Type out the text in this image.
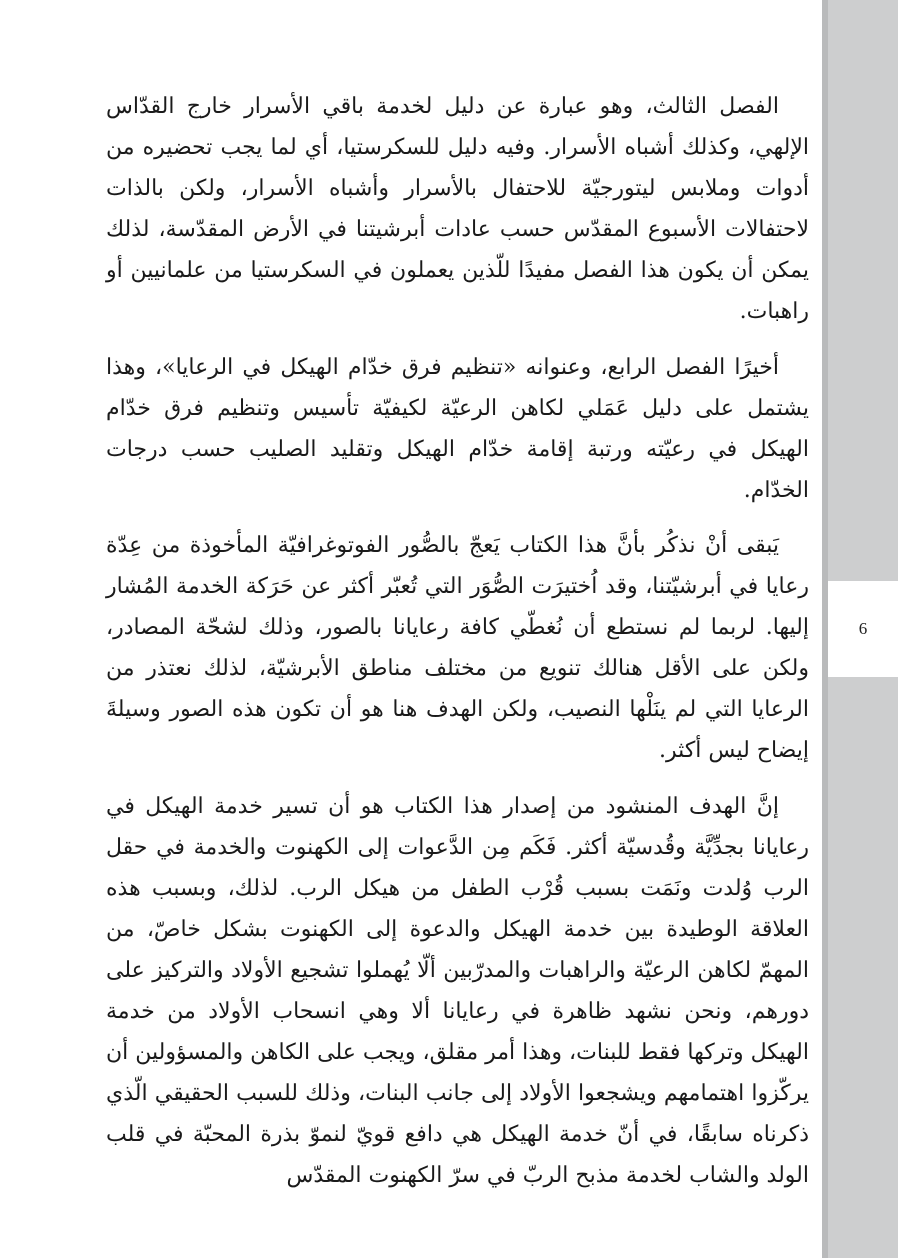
6

الفصل الثالث، وهو عبارة عن دليل لخدمة باقي الأسرار خارج القدّاس الإلهي، وكذلك أشباه الأسرار. وفيه دليل للسكرستيا، أي لما يجب تحضيره من أدوات وملابس ليتورجيّة للاحتفال بالأسرار وأشباه الأسرار، ولكن بالذات لاحتفالات الأسبوع المقدّس حسب عادات أبرشيتنا في الأرض المقدّسة، لذلك يمكن أن يكون هذا الفصل مفيدًا للّذين يعملون في السكرستيا من علمانيين أو راهبات.

أخيرًا الفصل الرابع، وعنوانه «تنظيم فرق خدّام الهيكل في الرعايا»، وهذا يشتمل على دليل عَمَلي لكاهن الرعيّة لكيفيّة تأسيس وتنظيم فرق خدّام الهيكل في رعيّته ورتبة إقامة خدّام الهيكل وتقليد الصليب حسب درجات الخدّام.

يَبقى أنْ نذكُر بأنَّ هذا الكتاب يَعجّ بالصُّور الفوتوغرافيّة المأخوذة من عِدّة رعايا في أبرشيّتنا، وقد اُختيرَت الصُّوَر التي تُعبّر أكثر عن حَرَكة الخدمة المُشار إليها. لربما لم نستطع أن نُغطّي كافة رعايانا بالصور، وذلك لشحّة المصادر، ولكن على الأقل هنالك تنويع من مختلف مناطق الأبرشيّة، لذلك نعتذر من الرعايا التي لم ينَلْها النصيب، ولكن الهدف هنا هو أن تكون هذه الصور وسيلةَ إيضاح ليس أكثر.

إنَّ الهدف المنشود من إصدار هذا الكتاب هو أن تسير خدمة الهيكل في رعايانا بجدِّيَّة وقُدسيّة أكثر. فَكَم مِن الدَّعوات إلى الكهنوت والخدمة في حقل الرب وُلدت ونَمَت بسبب قُرْب الطفل من هيكل الرب. لذلك، وبسبب هذه العلاقة الوطيدة بين خدمة الهيكل والدعوة إلى الكهنوت بشكل خاصّ، من المهمّ لكاهن الرعيّة والراهبات والمدرّبين ألّا يُهملوا تشجيع الأولاد والتركيز على دورهم، ونحن نشهد ظاهرة في رعايانا ألا وهي انسحاب الأولاد من خدمة الهيكل وتركها فقط للبنات، وهذا أمر مقلق، ويجب على الكاهن والمسؤولين أن يركّزوا اهتمامهم ويشجعوا الأولاد إلى جانب البنات، وذلك للسبب الحقيقي الّذي ذكرناه سابقًا، في أنّ خدمة الهيكل هي دافع قويّ لنموّ بذرة المحبّة في قلب الولد والشاب لخدمة مذبح الربّ في سرّ الكهنوت المقدّس
